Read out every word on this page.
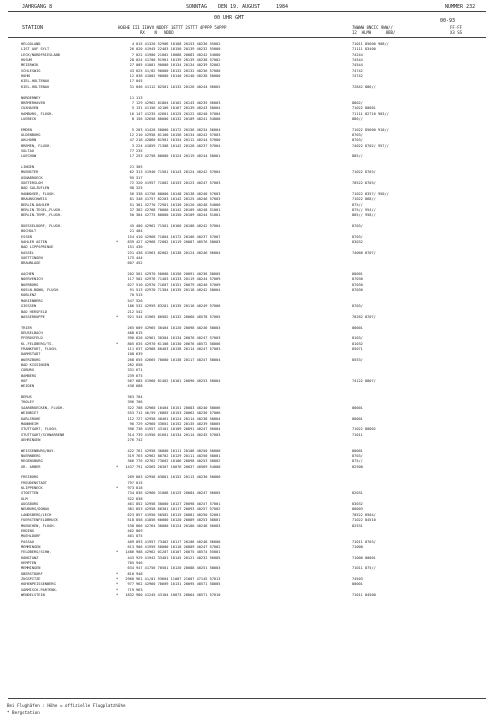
JAHRGANG 8	SONNTAG DEN 19. AUGUST	1984	NUMMER 232
00 UHR GMT	00-93
STATION	HOEHE III IIHVV NDDFF 1ETTT 2STTT 4PPPP 5APPP
RX    N   NDDD
7WWWW 8NCCC 9WW//
12  HLMH      8BB/
FF-FF
X3 SS
HELGOLAND	4 015 41320 52906 10168 20153 40236 55002	71011 85600 908//
LIST AUF SYLT	26 020 41945 22403 10150 20139 40232 55000	71111 83400
LECK/NORDFRIESLAND	7 022 41900 21002 10088 20083 40242 54000	74244
HUSUM	28 024 41700 91901 10139 20139 40238 57002	74544
MEIERWIK	27 005 41001 90000 10134 20134 40239 52002	74544
SCHLESWIG	43 025 41/02 90000 10132 20132 40236 57000	74742
HOHN	12 038 41002 90000 10140 20140 40238 50000	74742
KIEL-HOLTENAU	17 045
KIEL-HOLTENAU	31 046 41112 82501 10132 20126 40244 56002	72842 886//
NORDERNEY	11 113
BREMERHAVEN	7 129 42962 81804 10162 20143 40235 56003	8802/
CUXHAVEN	5 131 41156 42106 10167 20139 40243 58004	71022 80001
HAMBURG, FLUGH.	16 147 41235 42601 10125 20122 40240 57004	71111 82710 903//
LUEBECK	8 156 42658 80000 10132 20109 40241 54000	886//
EMDEN	5 203 41420 50000 10172 20156 40234 56004	71022 85600 910//
OLDENBURG	12 210 42958 81100 10156 20134 40242 57003	8703/
AHLHORN	47 218 42860 81901 10154 20112 40244 57000	8703/
BREMEN, FLUGH.	3 224 41859 71308 10142 20128 40237 57004	74022 8702/ 957//
SOLTAU	77 235
LUECHOW	17 253 42758 80000 10124 20119 40244 58001	885//
LINGEN	21 305
MUENSTER	62 313 41940 71501 10143 20124 40242 57004	71022 8703/
OSNABRUECK	95 317
GUETERSLOH	72 320 41957 71002 10153 20123 40247 57003	70522 8703/
BAD SALZUFLEN	98 325
HANNOVER, FLUGH.	56 338 41756 80000 10148 20138 40246 57003	71022 8357/ 950//
BRAUNSCHWEIG	81 348 41757 82203 10142 20125 40246 57003	71022 868//
BERLIN-DAHLEM	51 381 42770 72901 10130 20120 40248 54000	875//
BERLIN-TEGEL,FLUGH.	37 382 42768 70000 10142 20109 40248 51001	875// 954//
BERLIN-TEMP.,FLUGH.	50 384 42775 80000 10150 20109 40244 51001	885// 958//
DUESSELDORF, FLUGH.	45 400 42962 71501 10160 20108 40242 57004	8703/
BOCHOLT	21 404
ESSEN	154 410 42968 71804 10172 20106 40237 57007	8703/
KAHLER ASTEN	*	839 427 42968 72002 10119 20087 48576 58003	83032
BAD LIPPSPRINGE	151 430
KASSEL	231 438 41963 82002 10138 20124 40246 56004	74066 8707/
GOETTINGEN	175 444
BRAUNLAGE	607 452
AACHEN	202 501 42970 50000 10156 20091 40236 58005	80001
NOERVENICH	117 502 42976 71403 10133 20119 40244 57009	87030
NUERBURG	627 510 42970 71607 10151 20079 40240 57009	87030
KOELN-BONN, FLUGH.	91 513 42970 71304 10135 20118 40242 58004	87030
KOBLENZ	70 515
MARIENBERG	547 526
GIESSEN	186 532 42959 83201 10135 20116 40249 57006	8703/
BAD HERSFELD	212 542
WASSERKUPPE	*	921 544 41965 80902 10132 20060 48578 57005	70262 8707/
TRIER	265 609 42965 30404 10120 20098 40246 58003	80001
DEUSELBACH	480 615
PFERDSFELD	396 626 42961 30304 10134 20076 40247 57003	8103/
KL.FELDBERG/TS.	*	805 635 42970 61108 10130 20076 48572 58006	81032
FRANKFURT, FLUGH.	111 637 42968 60403 10138 20114 40247 57003	85071
DARMSTADT	108 639
WUERZBURG	268 655 42665 70000 10138 20117 40247 58004	8553/
BAD KISSINGEN	282 658
COBURG	331 671
BAMBERG	239 675
HOF	567 685 41960 81402 10101 20090 40253 58004	74122 8807/
WEIDEN	438 688
BERUS	363 704
THOLEY	396 706
SAARBRUECKEN, FLUGH.	322 708 42960 10404 10151 20083 40240 58006	80001
WEINBIET	553 712 46/59 /0805 10153 20062 40236 57006
KARLSRUHE	112 727 42958 40401 10124 20114 40238 58004	80001
MANNHEIM	96 729 42960 33601 10152 20135 40239 58005
STUTTGART, FLUGH.	396 738 41957 43101 10109 20091 40247 56004	71022 80002
STUTTGART/SCHNARRENB	314 739 41956 01601 10134 20114 40245 57003	71011
OEHRINGEN	276 742
WEISSENBURG/BAY.	422 761 42958 30000 10111 20106 40250 50000	80001
NUERNBERG	319 763 42962 80702 10129 20111 40250 58001	8703/
REGENSBURG	366 776 42762 73602 10106 20098 40253 58002	875//
GR. ARBER	*	1437 791 42565 20307 10076 20037 48569 54000	82500
FREIBURG	269 803 42958 03801 10152 20113 40230 50000
FREUDENSTADT	797 815
KLIPPENECK	*	973 818
STOETTEN	734 836 42960 31008 10125 20084 40247 56005	82031
ULM	522 838
AUGSBURG	461 852 42958 30000 10127 20098 40247 57001	83032
NEUBURG/DONAU	381 853 42958 60301 10117 20093 40257 57002	80003
LANDSBERG/LECH	623 857 41950 50502 10115 20081 40250 52001	70522 8504/
FUERSTENFELDBRUCK	518 858 41856 60000 10120 20089 40253 58001	71022 84510
MUENCHEN, FLUGH.	530 866 42764 30000 10124 20100 40248 56003	82531
ERDING	462 869
MUEHLDORF	401 875
PASSAU	409 893 41957 73402 10117 20106 40248 56000	71011 8703/
MEMMINGEN	613 906 41959 50000 10118 20089 40247 57002	71000
FELDBERG/SCHW.	*	1486 908 42962 01207 10107 20075 48574 55001
KONSTANZ	443 929 41942 33401 10145 20121 40232 56005	71000 80001
KEMPTEN	705 946
MEMMINGEN	634 947 41756 70501 10120 20088 40251 58003	71011 875//
OBERSTDORF	*	810 948
ZUGSPITZE	*	2960 961 41/01 93604 11007 21007 47145 57013	74503
HOHENPEISSENBERG	*	977 962 42960 70609 10131 20095 48571 58005	80001
GARMISCH-PARTENK.	*	719 963
WENDELSTEIN	*	1832 980 41245 43104 10073 20064 48571 57010	71011 84500
Bei Flughäfen : Höhe = offizielle Flugplatzhöhe
* Bergstation
